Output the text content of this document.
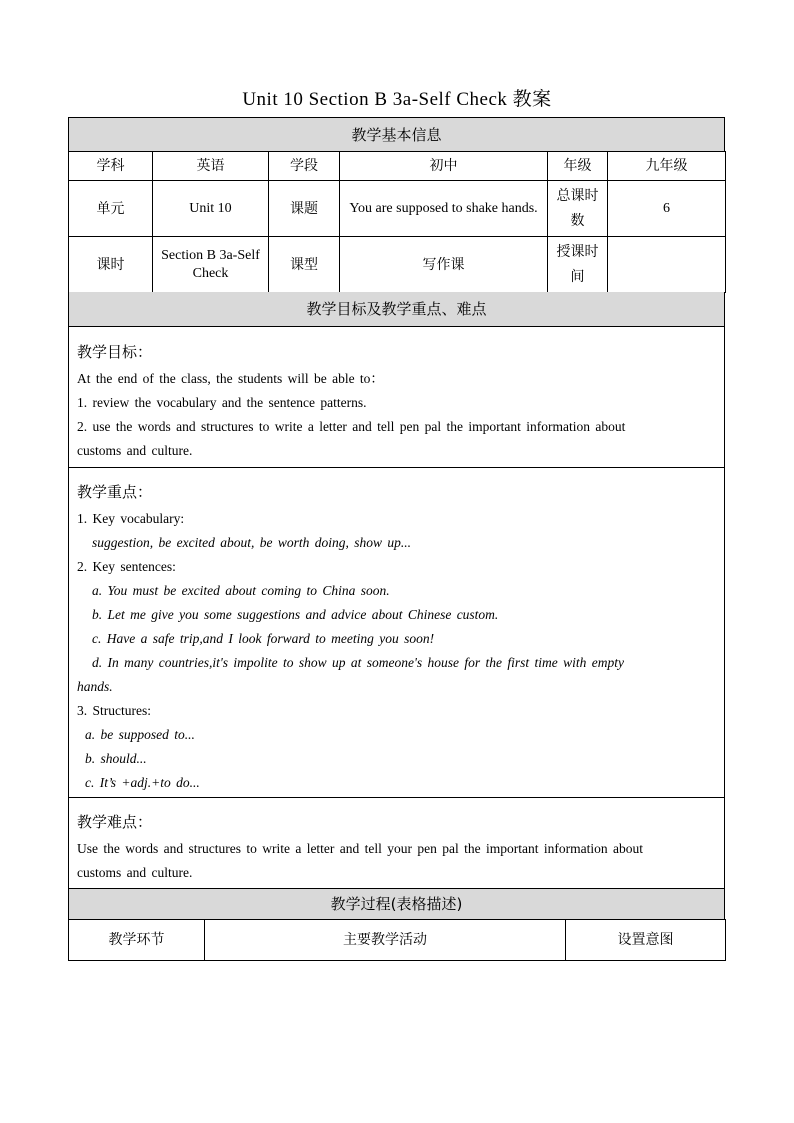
Unit 10 Section B 3a-Self Check 教案
教学基本信息
学科	英语	学段	初中	年级	九年级
单元	Unit 10	课题	You are supposed to shake hands.	总课时数	6
课时	Section B 3a-Self Check	课型	写作课	授课时间	
教学目标及教学重点、难点
教学目标：
At the end of the class, the students will be able to：
1. review the vocabulary and the sentence patterns.
2. use the words and structures to write a letter and tell pen pal the important information about
customs and culture.
教学重点：
1. Key vocabulary:
suggestion, be excited about, be worth doing, show up...
2. Key sentences:
a. You must be excited about coming to China soon.
b. Let me give you some suggestions and advice about Chinese custom.
c. Have a safe trip,and I look forward to meeting you soon!
d. In many countries,it's impolite to show up at someone's house for the first time with empty
hands.
3. Structures:
a. be supposed to...
b. should...
c. It’s +adj.+to do...
教学难点：
Use the words and structures to write a letter and tell your pen pal the important information about
customs and culture.
教学过程(表格描述)
教学环节	主要教学活动	设置意图
